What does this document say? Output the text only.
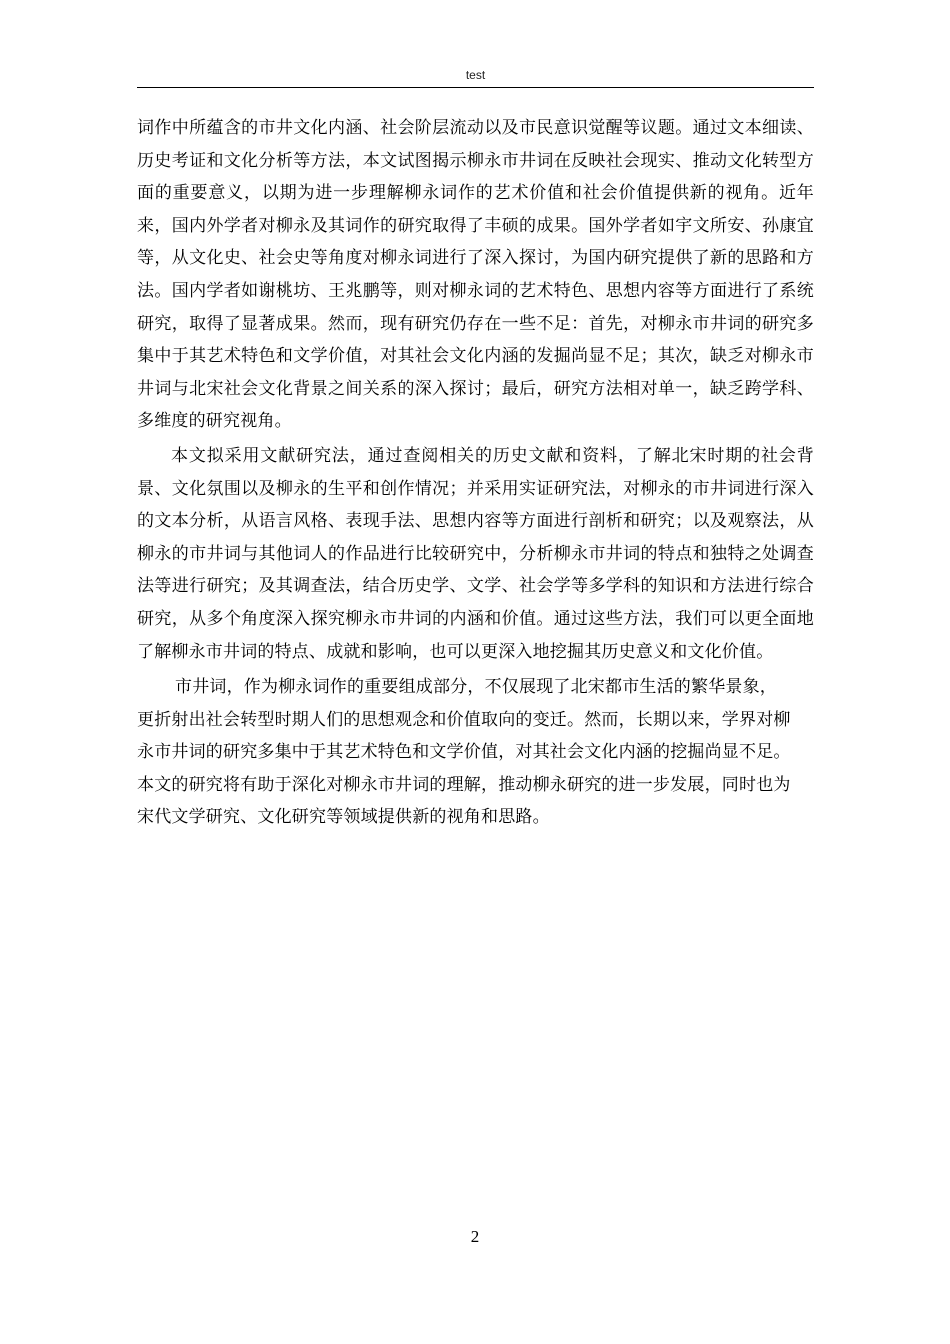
test

词作中所蕴含的市井文化内涵、社会阶层流动以及市民意识觉醒等议题。通过文本细读、历史考证和文化分析等方法，本文试图揭示柳永市井词在反映社会现实、推动文化转型方面的重要意义，以期为进一步理解柳永词作的艺术价值和社会价值提供新的视角。近年来，国内外学者对柳永及其词作的研究取得了丰硕的成果。国外学者如宇文所安、孙康宜等，从文化史、社会史等角度对柳永词进行了深入探讨，为国内研究提供了新的思路和方法。国内学者如谢桃坊、王兆鹏等，则对柳永词的艺术特色、思想内容等方面进行了系统研究，取得了显著成果。然而，现有研究仍存在一些不足：首先，对柳永市井词的研究多集中于其艺术特色和文学价值，对其社会文化内涵的发掘尚显不足；其次，缺乏对柳永市井词与北宋社会文化背景之间关系的深入探讨；最后，研究方法相对单一，缺乏跨学科、多维度的研究视角。

本文拟采用文献研究法，通过查阅相关的历史文献和资料，了解北宋时期的社会背景、文化氛围以及柳永的生平和创作情况；并采用实证研究法，对柳永的市井词进行深入的文本分析，从语言风格、表现手法、思想内容等方面进行剖析和研究；以及观察法，从柳永的市井词与其他词人的作品进行比较研究中，分析柳永市井词的特点和独特之处调查法等进行研究；及其调查法，结合历史学、文学、社会学等多学科的知识和方法进行综合研究，从多个角度深入探究柳永市井词的内涵和价值。通过这些方法，我们可以更全面地了解柳永市井词的特点、成就和影响，也可以更深入地挖掘其历史意义和文化价值。

市井词，作为柳永词作的重要组成部分，不仅展现了北宋都市生活的繁华景象，更折射出社会转型时期人们的思想观念和价值取向的变迁。然而，长期以来，学界对柳永市井词的研究多集中于其艺术特色和文学价值，对其社会文化内涵的挖掘尚显不足。本文的研究将有助于深化对柳永市井词的理解，推动柳永研究的进一步发展，同时也为宋代文学研究、文化研究等领域提供新的视角和思路。

2
